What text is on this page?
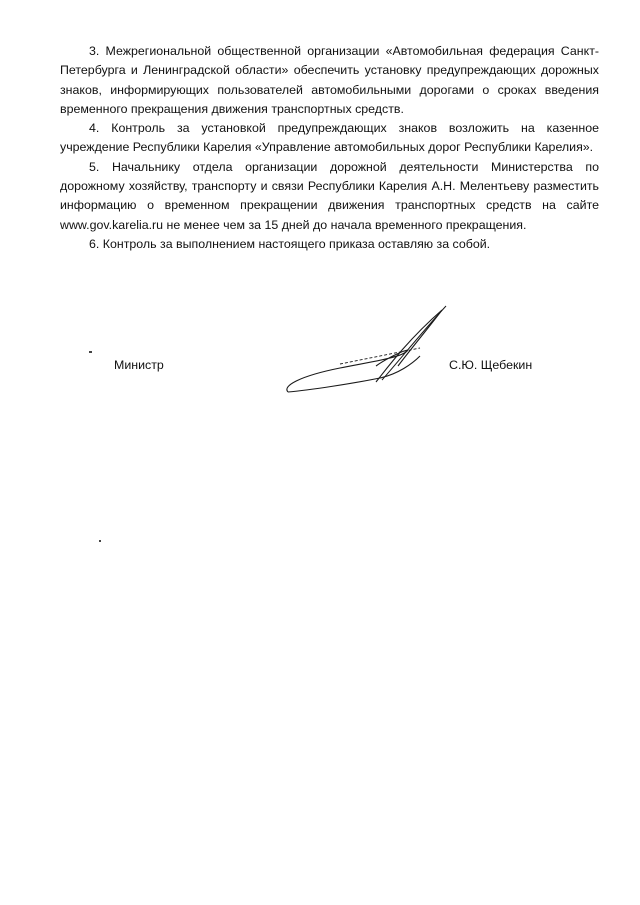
3. Межрегиональной общественной организации «Автомобильная федерация Санкт-Петербурга и Ленинградской области» обеспечить установку предупреждающих дорожных знаков, информирующих пользователей автомобильными дорогами о сроках введения временного прекращения движения транспортных средств.

4. Контроль за установкой предупреждающих знаков возложить на казенное учреждение Республики Карелия «Управление автомобильных дорог Республики Карелия».

5. Начальнику отдела организации дорожной деятельности Министерства по дорожному хозяйству, транспорту и связи Республики Карелия А.Н. Мелентьеву разместить информацию о временном прекращении движения транспортных средств на сайте www.gov.karelia.ru не менее чем за 15 дней до начала временного прекращения.

6. Контроль за выполнением настоящего приказа оставляю за собой.

Министр	С.Ю. Щебекин
